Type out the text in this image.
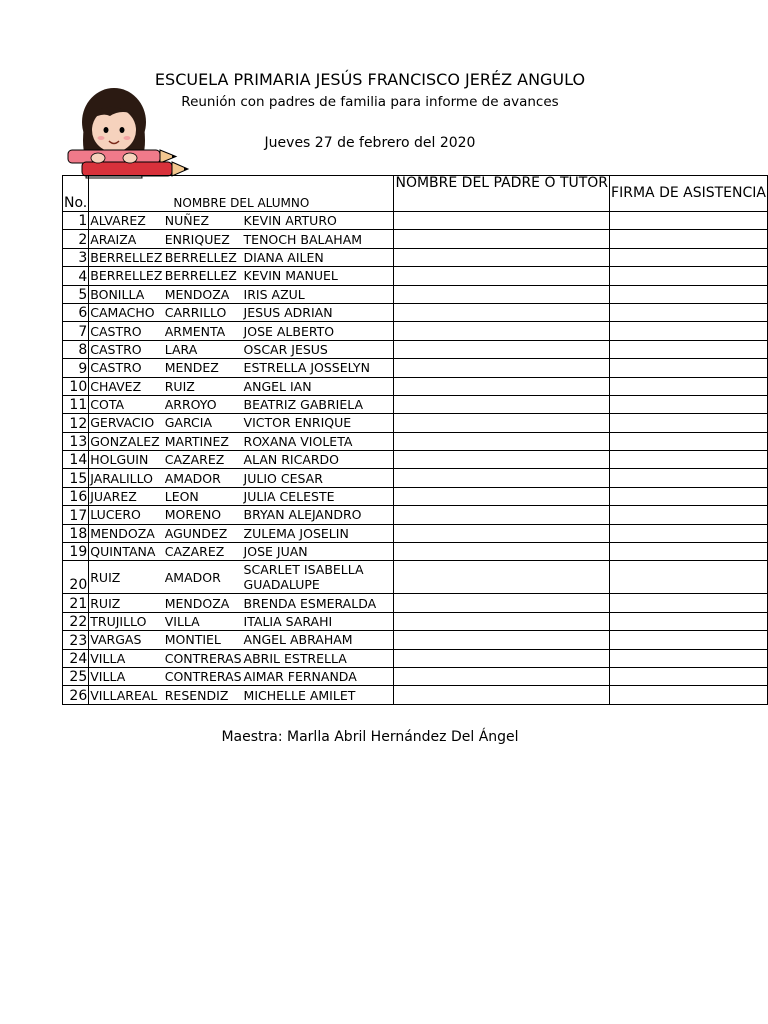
ESCUELA PRIMARIA JESÚS FRANCISCO JERÉZ ANGULO
Reunión con padres de familia para informe de avances
Jueves 27 de febrero del 2020
No.	NOMBRE DEL ALUMNO			NOMBRE DEL PADRE O TUTOR	FIRMA DE ASISTENCIA
1	ALVAREZ	NUÑEZ	KEVIN ARTURO		
2	ARAIZA	ENRIQUEZ	TENOCH BALAHAM		
3	BERRELLEZ	BERRELLEZ	DIANA AILEN		
4	BERRELLEZ	BERRELLEZ	KEVIN MANUEL		
5	BONILLA	MENDOZA	IRIS AZUL		
6	CAMACHO	CARRILLO	JESUS ADRIAN		
7	CASTRO	ARMENTA	JOSE ALBERTO		
8	CASTRO	LARA	OSCAR JESUS		
9	CASTRO	MENDEZ	ESTRELLA JOSSELYN		
10	CHAVEZ	RUIZ	ANGEL IAN		
11	COTA	ARROYO	BEATRIZ GABRIELA		
12	GERVACIO	GARCIA	VICTOR ENRIQUE		
13	GONZALEZ	MARTINEZ	ROXANA VIOLETA		
14	HOLGUIN	CAZAREZ	ALAN RICARDO		
15	JARALILLO	AMADOR	JULIO CESAR		
16	JUAREZ	LEON	JULIA CELESTE		
17	LUCERO	MORENO	BRYAN ALEJANDRO		
18	MENDOZA	AGUNDEZ	ZULEMA JOSELIN		
19	QUINTANA	CAZAREZ	JOSE JUAN		
20	RUIZ	AMADOR	SCARLET ISABELLA GUADALUPE		
21	RUIZ	MENDOZA	BRENDA ESMERALDA		
22	TRUJILLO	VILLA	ITALIA SARAHI		
23	VARGAS	MONTIEL	ANGEL ABRAHAM		
24	VILLA	CONTRERAS	ABRIL ESTRELLA		
25	VILLA	CONTRERAS	AIMAR FERNANDA		
26	VILLAREAL	RESENDIZ	MICHELLE AMILET		
Maestra: Marlla Abril Hernández Del Ángel
